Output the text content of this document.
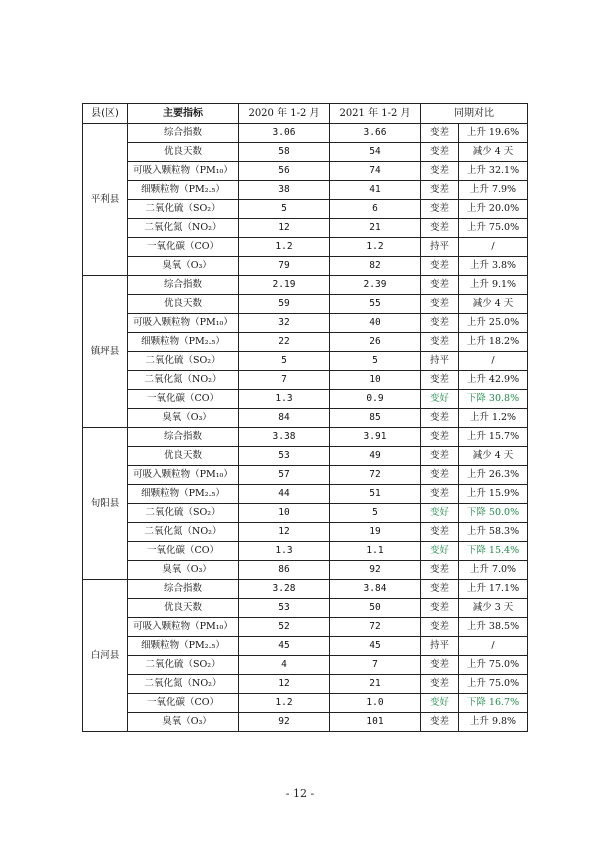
县(区)	主要指标	2020 年 1-2 月	2021 年 1-2 月	同期对比	
平利县	综合指数	3.06	3.66	变差	上升 19.6%
	优良天数	58	54	变差	减少 4 天
	可吸入颗粒物（PM₁₀）	56	74	变差	上升 32.1%
	细颗粒物（PM₂.₅）	38	41	变差	上升 7.9%
	二氧化硫（SO₂）	5	6	变差	上升 20.0%
	二氧化氮（NO₂）	12	21	变差	上升 75.0%
	一氧化碳（CO）	1.2	1.2	持平	/
	臭氧（O₃）	79	82	变差	上升 3.8%
镇坪县	综合指数	2.19	2.39	变差	上升 9.1%
	优良天数	59	55	变差	减少 4 天
	可吸入颗粒物（PM₁₀）	32	40	变差	上升 25.0%
	细颗粒物（PM₂.₅）	22	26	变差	上升 18.2%
	二氧化硫（SO₂）	5	5	持平	/
	二氧化氮（NO₂）	7	10	变差	上升 42.9%
	一氧化碳（CO）	1.3	0.9	变好	下降 30.8%
	臭氧（O₃）	84	85	变差	上升 1.2%
旬阳县	综合指数	3.38	3.91	变差	上升 15.7%
	优良天数	53	49	变差	减少 4 天
	可吸入颗粒物（PM₁₀）	57	72	变差	上升 26.3%
	细颗粒物（PM₂.₅）	44	51	变差	上升 15.9%
	二氧化硫（SO₂）	10	5	变好	下降 50.0%
	二氧化氮（NO₂）	12	19	变差	上升 58.3%
	一氧化碳（CO）	1.3	1.1	变好	下降 15.4%
	臭氧（O₃）	86	92	变差	上升 7.0%
白河县	综合指数	3.28	3.84	变差	上升 17.1%
	优良天数	53	50	变差	减少 3 天
	可吸入颗粒物（PM₁₀）	52	72	变差	上升 38.5%
	细颗粒物（PM₂.₅）	45	45	持平	/
	二氧化硫（SO₂）	4	7	变差	上升 75.0%
	二氧化氮（NO₂）	12	21	变差	上升 75.0%
	一氧化碳（CO）	1.2	1.0	变好	下降 16.7%
	臭氧（O₃）	92	101	变差	上升 9.8%
- 12 -
